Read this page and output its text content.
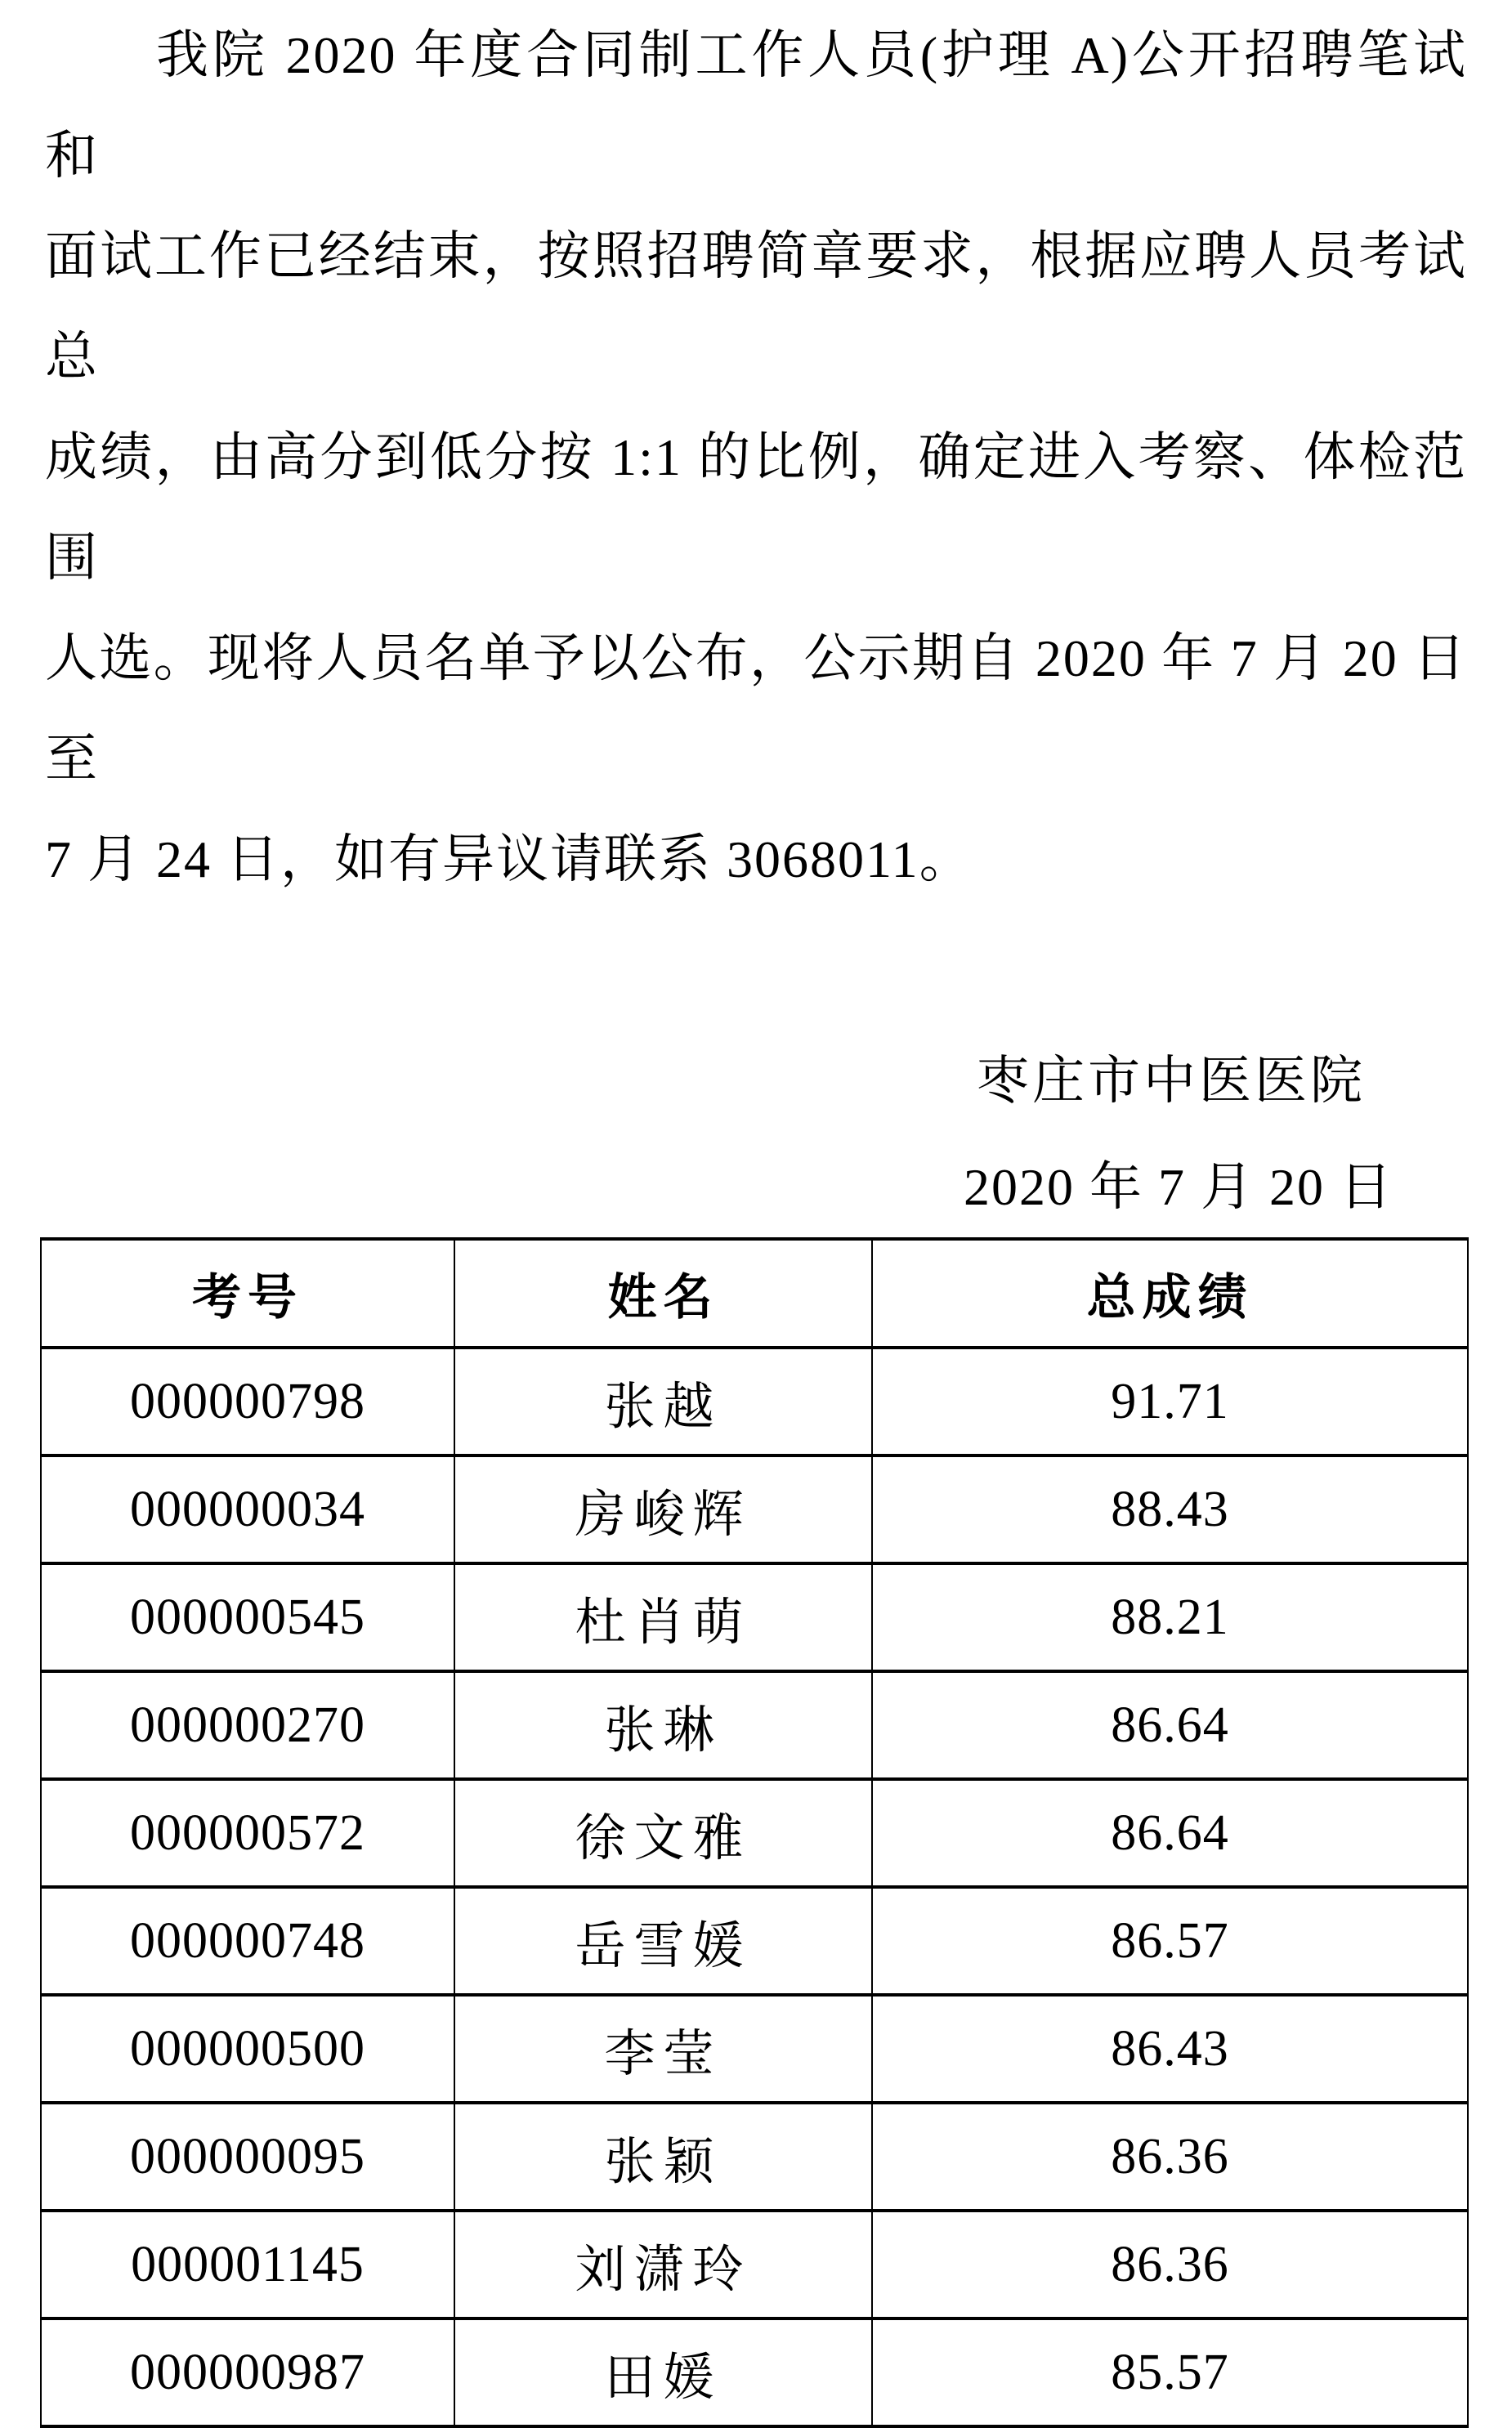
我院 2020 年度合同制工作人员(护理 A)公开招聘笔试和
面试工作已经结束，按照招聘简章要求，根据应聘人员考试总
成绩，由高分到低分按 1:1 的比例，确定进入考察、体检范围
人选。现将人员名单予以公布，公示期自 2020 年 7 月 20 日至
7 月 24 日，如有异议请联系 3068011。
枣庄市中医医院
2020 年 7 月 20 日
考号	姓名	总成绩
000000798	张越	91.71
000000034	房峻辉	88.43
000000545	杜肖萌	88.21
000000270	张琳	86.64
000000572	徐文雅	86.64
000000748	岳雪媛	86.57
000000500	李莹	86.43
000000095	张颖	86.36
000001145	刘潇玲	86.36
000000987	田媛	85.57
